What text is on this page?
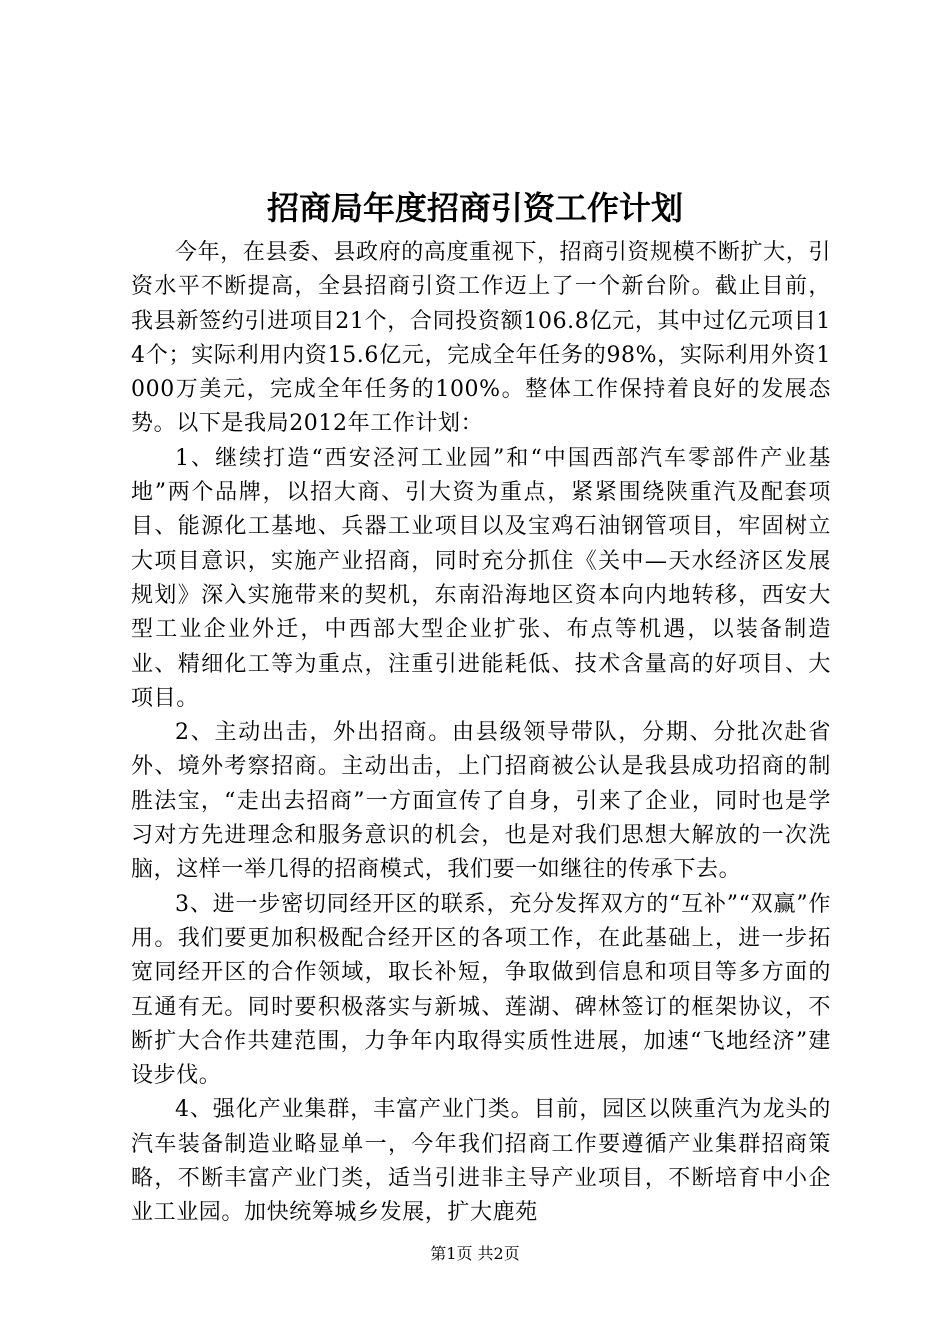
招商局年度招商引资工作计划

今年，在县委、县政府的高度重视下，招商引资规模不断扩大，引资水平不断提高，全县招商引资工作迈上了一个新台阶。截止目前，我县新签约引进项目21个，合同投资额106.8亿元，其中过亿元项目14个；实际利用内资15.6亿元，完成全年任务的98%，实际利用外资1000万美元，完成全年任务的100%。整体工作保持着良好的发展态势。以下是我局2012年工作计划：

1、继续打造“西安泾河工业园”和“中国西部汽车零部件产业基地”两个品牌，以招大商、引大资为重点，紧紧围绕陕重汽及配套项目、能源化工基地、兵器工业项目以及宝鸡石油钢管项目，牢固树立大项目意识，实施产业招商，同时充分抓住《关中—天水经济区发展规划》深入实施带来的契机，东南沿海地区资本向内地转移，西安大型工业企业外迁，中西部大型企业扩张、布点等机遇，以装备制造业、精细化工等为重点，注重引进能耗低、技术含量高的好项目、大项目。

2、主动出击，外出招商。由县级领导带队，分期、分批次赴省外、境外考察招商。主动出击，上门招商被公认是我县成功招商的制胜法宝，“走出去招商”一方面宣传了自身，引来了企业，同时也是学习对方先进理念和服务意识的机会，也是对我们思想大解放的一次洗脑，这样一举几得的招商模式，我们要一如继往的传承下去。

3、进一步密切同经开区的联系，充分发挥双方的“互补”“双赢”作用。我们要更加积极配合经开区的各项工作，在此基础上，进一步拓宽同经开区的合作领域，取长补短，争取做到信息和项目等多方面的互通有无。同时要积极落实与新城、莲湖、碑林签订的框架协议，不断扩大合作共建范围，力争年内取得实质性进展，加速“飞地经济”建设步伐。

4、强化产业集群，丰富产业门类。目前，园区以陕重汽为龙头的汽车装备制造业略显单一，今年我们招商工作要遵循产业集群招商策略，不断丰富产业门类，适当引进非主导产业项目，不断培育中小企业工业园。加快统筹城乡发展，扩大鹿苑

第1页 共2页
